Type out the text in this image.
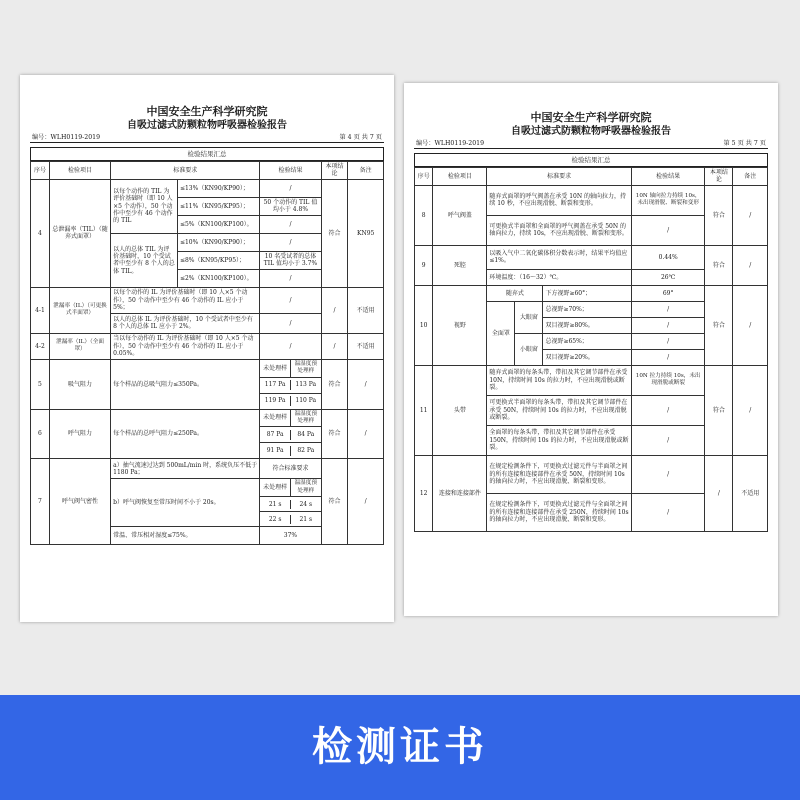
中国安全生产科学研究院
自吸过滤式防颗粒物呼吸器检验报告
编号：WLH0119-2019	第 4 页 共 7 页
检验结果汇总
序号	检验项目	标准要求	检验结果	本项结论	备注
4	总泄漏率（TIL）（随弃式面罩）	以每个动作的 TIL 为评价基础时（即 10 人×5 个动作），50 个动作中至少有 46 个动作的 TIL	≤13%（KN90/KP90）；	/	符合	KN95
≤11%（KN95/KP95）；	50 个动作的 TIL 值均小于 4.8%
≤5%（KN100/KP100）。	/
以人的总体 TIL 为评价基础时，10 个受试者中至少有 8 个人的总体 TIL。	≤10%（KN90/KP90）；	/
≤8%（KN95/KP95）；	10 名受试者的总体 TIL 值均小于 3.7%
≤2%（KN100/KP100）。	/
4-1	泄漏率（IL）（可更换式半面罩）	以每个动作的 IL 为评价基础时（即 10 人×5 个动作），50 个动作中至少有 46 个动作的 IL 应小于 5%；	/	/	不适用
以人的总体 IL 为评价基础时，10 个受试者中至少有 8 个人的总体 IL 应小于 2%。	/
4-2	泄漏率（IL）（全面罩）	当以每个动作的 IL 为评价基础时（即 10 人×5 个动作），50 个动作中至少有 46 个动作的 IL 应小于 0.05%。	/	/	不适用
5	吸气阻力	每个样品的总吸气阻力≤350Pa。	
未处理样	温湿度预处理样
	符合	/

117 Pa	113 Pa

119 Pa	110 Pa

6	呼气阻力	每个样品的总呼气阻力≤250Pa。	
未处理样	温湿度预处理样
	符合	/

87 Pa	84 Pa

91 Pa	82 Pa

7	呼气阀气密性	a）抽气流速过达到 500mL/min 时，系统负压不低于 1180 Pa；	符合标准要求	符合	/
b）呼气阀恢复至常压时间不小于 20s。	
未处理样	温湿度预处理样

21 s	24 s

22 s	21 s

常温、常压相对湿度≤75%。	37%
中国安全生产科学研究院
自吸过滤式防颗粒物呼吸器检验报告
编号：WLH0119-2019	第 5 页 共 7 页
检验结果汇总
序号	检验项目	标准要求			检验结果	本项结论	备注
8	呼气阀盖	随弃式面罩的呼气阀盖在承受 10N 的轴向拉力，持续 10 秒，不应出现滑脱、断裂和变形。			10N 轴向拉力持续 10s，未出现滑脱、断裂和变形	符合	/
		可更换式半面罩和全面罩的呼气阀盖在承受 50N 的轴向拉力，持续 10s，不应出现滑脱、断裂和变形。			/		
9	死腔	以吸入气中二氧化碳体积分数表示时，结果平均值应≤1%。			0.44%	符合	/
		环境温度：（16～32）℃。			26℃		
10	视野	随弃式		下方视野≥60°；	69°	符合	/
		全面罩	大眼窗	总视野≥70%；	/		
				双目视野≥80%。	/		
			小眼窗	总视野≥65%；	/		
				双目视野≥20%。	/		
11	头带	随弃式面罩的每条头带，带扣及其它调节部件在承受 10N，持续时间 10s 的拉力时，不应出现滑脱或断裂。			10N 拉力持续 10s，未出现滑脱或断裂	符合	/
		可更换式半面罩的每条头带，带扣及其它调节部件在承受 50N，持续时间 10s 的拉力时，不应出现滑脱或断裂。			/		
		全面罩的每条头带，带扣及其它调节部件在承受 150N，持续时间 10s 的拉力时，不应出现滑脱或断裂。			/		
12	连接和连接部件	在规定检测条件下，可更换式过滤元件与半面罩之间的所有连接和连接部件在承受 50N，持续时间 10s 的轴向拉力时，不应出现滑脱、断裂和变形。			/	/	不适用
		在规定检测条件下，可更换式过滤元件与全面罩之间的所有连接和连接部件在承受 250N，持续时间 10s 的轴向拉力时，不应出现滑脱、断裂和变形。			/		
检测证书
